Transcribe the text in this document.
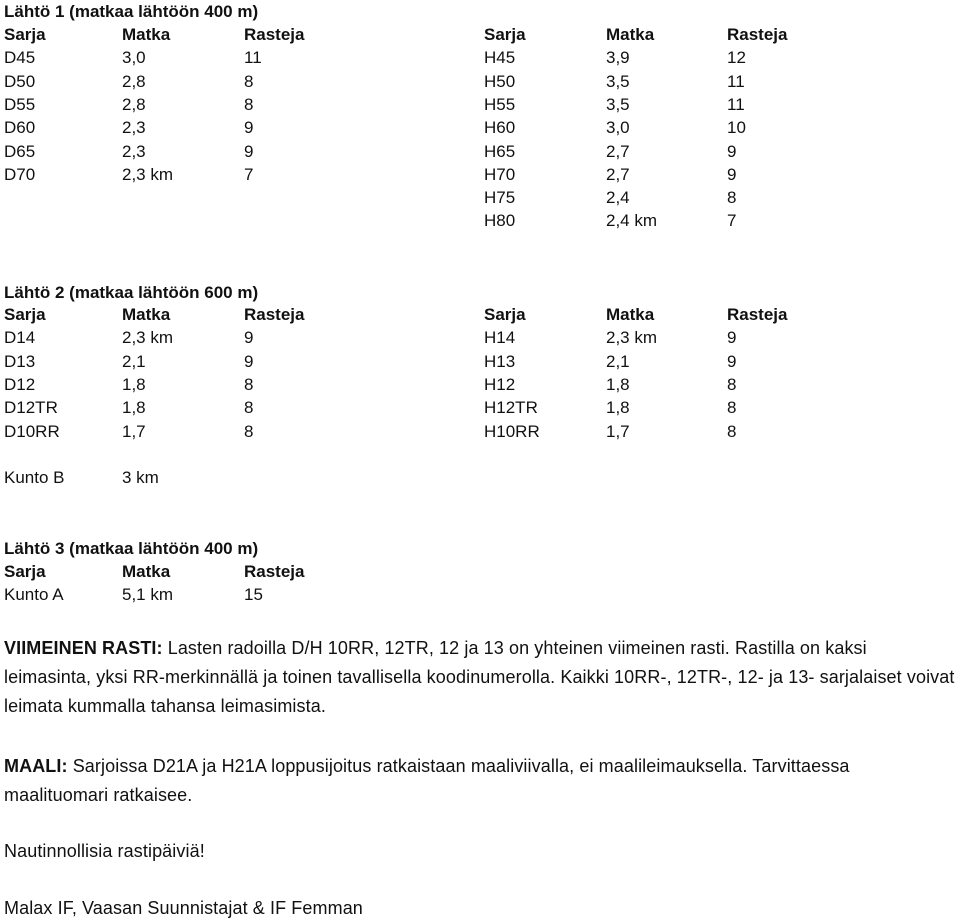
Lähtö 1 (matkaa lähtöön 400 m)
Sarja	Matka	Rasteja
D45	3,0	11
D50	2,8	8
D55	2,8	8
D60	2,3	9
D65	2,3	9
D70	2,3 km	7
Sarja	Matka	Rasteja
H45	3,9	12
H50	3,5	11
H55	3,5	11
H60	3,0	10
H65	2,7	9
H70	2,7	9
H75	2,4	8
H80	2,4 km	7
Lähtö 2 (matkaa lähtöön 600 m)
Sarja	Matka	Rasteja
D14	2,3 km	9
D13	2,1	9
D12	1,8	8
D12TR	1,8	8
D10RR	1,7	8
Sarja	Matka	Rasteja
H14	2,3 km	9
H13	2,1	9
H12	1,8	8
H12TR	1,8	8
H10RR	1,7	8
Kunto B	3 km
Lähtö 3 (matkaa lähtöön 400 m)
Sarja	Matka	Rasteja
Kunto A	5,1 km	15
VIIMEINEN RASTI: Lasten radoilla D/H 10RR, 12TR, 12 ja 13 on yhteinen viimeinen rasti. Rastilla on kaksi leimasinta, yksi RR-merkinnällä ja toinen tavallisella koodinumerolla. Kaikki 10RR-, 12TR-, 12- ja 13- sarjalaiset voivat leimata kummalla tahansa leimasimista.
MAALI: Sarjoissa D21A ja H21A loppusijoitus ratkaistaan maaliviivalla, ei maalileimauksella. Tarvittaessa maalituomari ratkaisee.
Nautinnollisia rastipäiviä!
Malax IF, Vaasan Suunnistajat & IF Femman
